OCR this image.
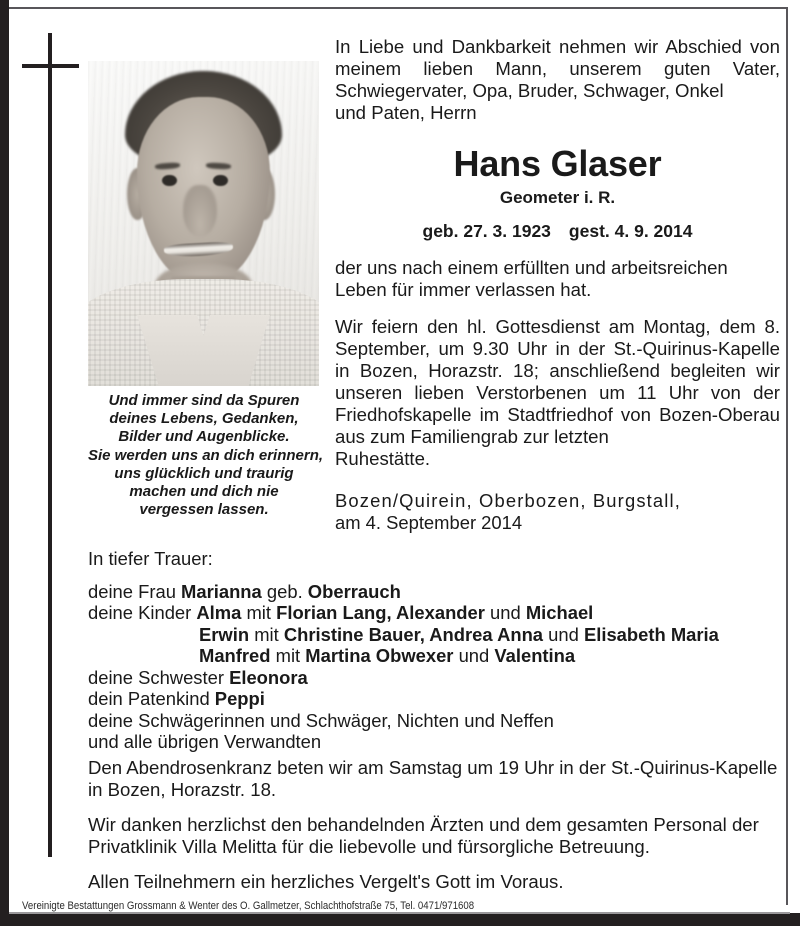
Und immer sind da Spuren
deines Lebens, Gedanken,
Bilder und Augenblicke.
Sie werden uns an dich erinnern,
uns glücklich und traurig
machen und dich nie
vergessen lassen.
In Liebe und Dankbarkeit nehmen wir Abschied von meinem lieben Mann, unserem guten Vater, Schwiegervater, Opa, Bruder, Schwager, Onkel
und Paten, Herrn
Hans Glaser
Geometer i. R.
geb. 27. 3. 1923 gest. 4. 9. 2014
der uns nach einem erfüllten und arbeitsreichen
Leben für immer verlassen hat.
Wir feiern den hl. Gottesdienst am Montag, dem 8. September, um 9.30 Uhr in der St.-Quirinus-Kapelle in Bozen, Horazstr. 18; anschließend begleiten wir unseren lieben Verstorbenen um 11 Uhr von der Friedhofskapelle im Stadtfriedhof von Bozen-Oberau aus zum Familiengrab zur letzten
Ruhestätte.
Bozen/Quirein, Oberbozen, Burgstall,
am 4. September 2014
In tiefer Trauer:
deine Frau Marianna geb. Oberrauch
deine Kinder Alma mit Florian Lang, Alexander und Michael
Erwin mit Christine Bauer, Andrea Anna und Elisabeth Maria
Manfred mit Martina Obwexer und Valentina
deine Schwester Eleonora
dein Patenkind Peppi
deine Schwägerinnen und Schwäger, Nichten und Neffen
und alle übrigen Verwandten
Den Abendrosenkranz beten wir am Samstag um 19 Uhr in der St.-Quirinus-Kapelle in Bozen, Horazstr. 18.
Wir danken herzlichst den behandelnden Ärzten und dem gesamten Personal der Privatklinik Villa Melitta für die liebevolle und fürsorgliche Betreuung.
Allen Teilnehmern ein herzliches Vergelt's Gott im Voraus.
Vereinigte Bestattungen Grossmann & Wenter des O. Gallmetzer, Schlachthofstraße 75, Tel. 0471/971608
